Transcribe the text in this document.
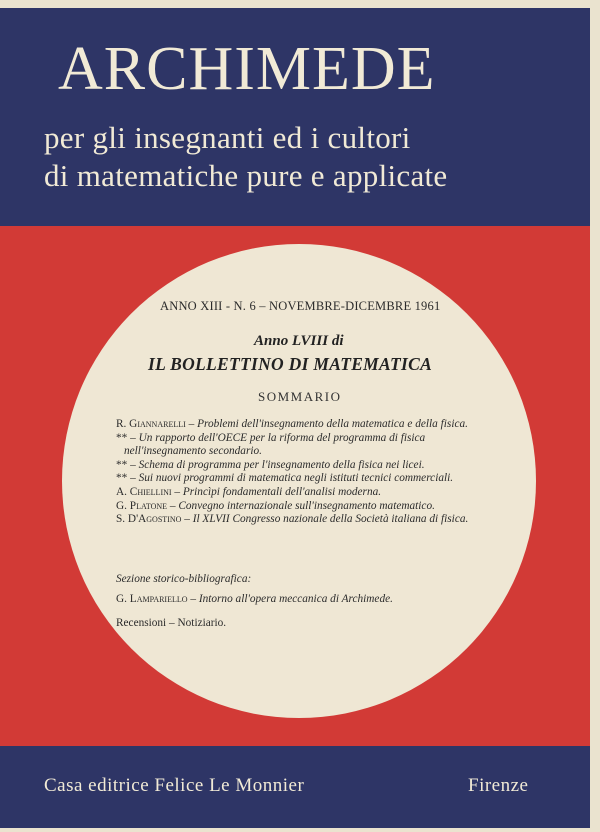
ARCHIMEDE
per gli insegnanti ed i cultori
di matematiche pure e applicate
ANNO XIII - N. 6 – NOVEMBRE-DICEMBRE 1961
Anno LVIII di
IL BOLLETTINO DI MATEMATICA
SOMMARIO
R. Giannarelli – Problemi dell'insegnamento della matematica e della fisica.
** – Un rapporto dell'OECE per la riforma del programma di fisica nell'insegnamento secondario.
** – Schema di programma per l'insegnamento della fisica nei licei.
** – Sui nuovi programmi di matematica negli istituti tecnici commerciali.
A. Chiellini – Princìpi fondamentali dell'analisi moderna.
G. Platone – Convegno internazionale sull'insegnamento matematico.
S. D'Agostino – Il XLVII Congresso nazionale della Società italiana di fisica.
Sezione storico-bibliografica:
G. Lampariello – Intorno all'opera meccanica di Archimede.
Recensioni – Notiziario.
Casa editrice Felice Le Monnier	Firenze
